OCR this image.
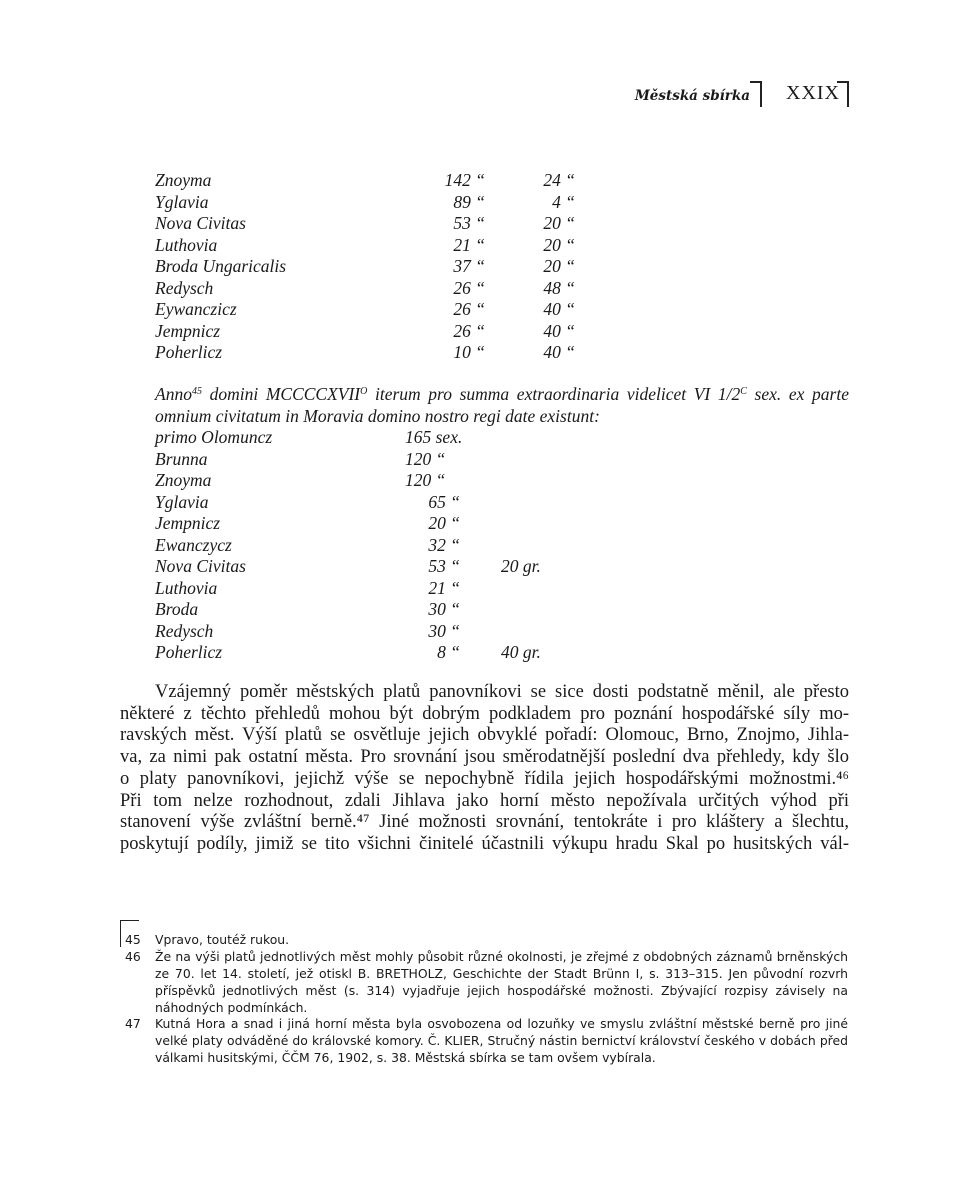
Městská sbírka XXIX
Znoyma	142 “	24 “
Yglavia	89 “	4 “
Nova Civitas	53 “	20 “
Luthovia	21 “	20 “
Broda Ungaricalis	37 “	20 “
Redysch	26 “	48 “
Eywanczicz	26 “	40 “
Jempnicz	26 “	40 “
Poherlicz	10 “	40 “
Anno$^{45}$ domini $MCCCCXVII^O$ iterum pro summa extraordinaria videlicet VI $1/2^C$ sex. ex parte omnium civitatum in Moravia domino nostro regi date existunt:
primo Olomuncz	165 sex.
Brunna	120 “
Znoyma	120 “
Yglavia	65 “
Jempnicz	20 “
Ewanczycz	32 “
Nova Civitas	53 “ 20 gr.
Luthovia	21 “
Broda	30 “
Redysch	30 “
Poherlicz	8 “ 40 gr.
Vzájemný poměr městských platů panovníkovi se sice dosti podstatně měnil, ale přesto
některé z těchto přehledů mohou být dobrým podkladem pro poznání hospodářské síly mo-
ravských měst. Výší platů se osvětluje jejich obvyklé pořadí: Olomouc, Brno, Znojmo, Jihla-
va, za nimi pak ostatní města. Pro srovnání jsou směrodatnější poslední dva přehledy, kdy šlo
o platy panovníkovi, jejichž výše se nepochybně řídila jejich hospodářskými možnostmi.⁴⁶
Při tom nelze rozhodnout, zdali Jihlava jako horní město nepožívala určitých výhod při
stanovení výše zvláštní berně.⁴⁷ Jiné možnosti srovnání, tentokráte i pro kláštery a šlechtu,
poskytují podíly, jimiž se tito všichni činitelé účastnili výkupu hradu Skal po husitských vál-
45 Vpravo, toutéž rukou.
46 Že na výši platů jednotlivých měst mohly působit různé okolnosti, je zřejmé z obdobných záznamů brněnských ze 70. let 14. století, jež otiskl B. BRETHOLZ, Geschichte der Stadt Brünn I, s. 313–315. Jen původní rozvrh příspěvků jednotlivých měst (s. 314) vyjadřuje jejich hospodářské možnosti. Zbývající rozpisy závisely na náhodných podmínkách.
47 Kutná Hora a snad i jiná horní města byla osvobozena od lozuňky ve smyslu zvláštní městské berně pro jiné velké platy odváděné do královské komory. Č. KLIER, Stručný nástin bernictví království českého v dobách před válkami husitskými, ČČM 76, 1902, s. 38. Městská sbírka se tam ovšem vybírala.
